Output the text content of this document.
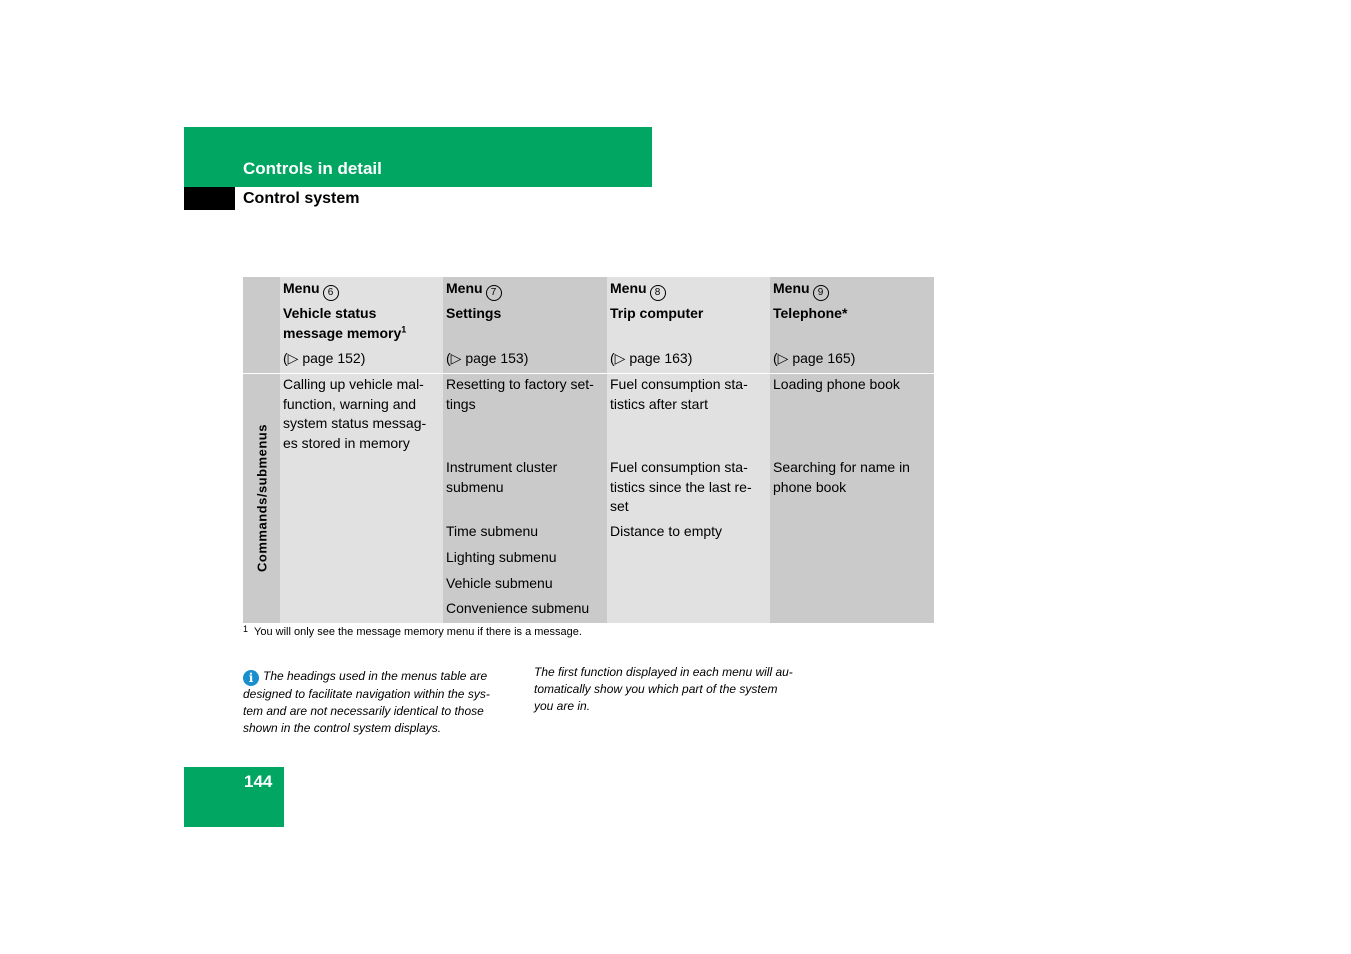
Controls in detail
Control system
Commands/submenus
Menu 6
Vehicle status
message memory$^1$
(▷ page 152)
Calling up vehicle mal-
function, warning and
system status messag-
es stored in memory
Menu 7
Settings
(▷ page 153)
Resetting to factory set-
tings
Instrument cluster
submenu
Time submenu
Lighting submenu
Vehicle submenu
Convenience submenu
Menu 8
Trip computer
(▷ page 163)
Fuel consumption sta-
tistics after start
Fuel consumption sta-
tistics since the last re-
set
Distance to empty
Menu 9
Telephone*
(▷ page 165)
Loading phone book
Searching for name in
phone book
$^1$ You will only see the message memory menu if there is a message.
i The headings used in the menus table are
designed to facilitate navigation within the sys-
tem and are not necessarily identical to those
shown in the control system displays.
The first function displayed in each menu will au-
tomatically show you which part of the system
you are in.
144
